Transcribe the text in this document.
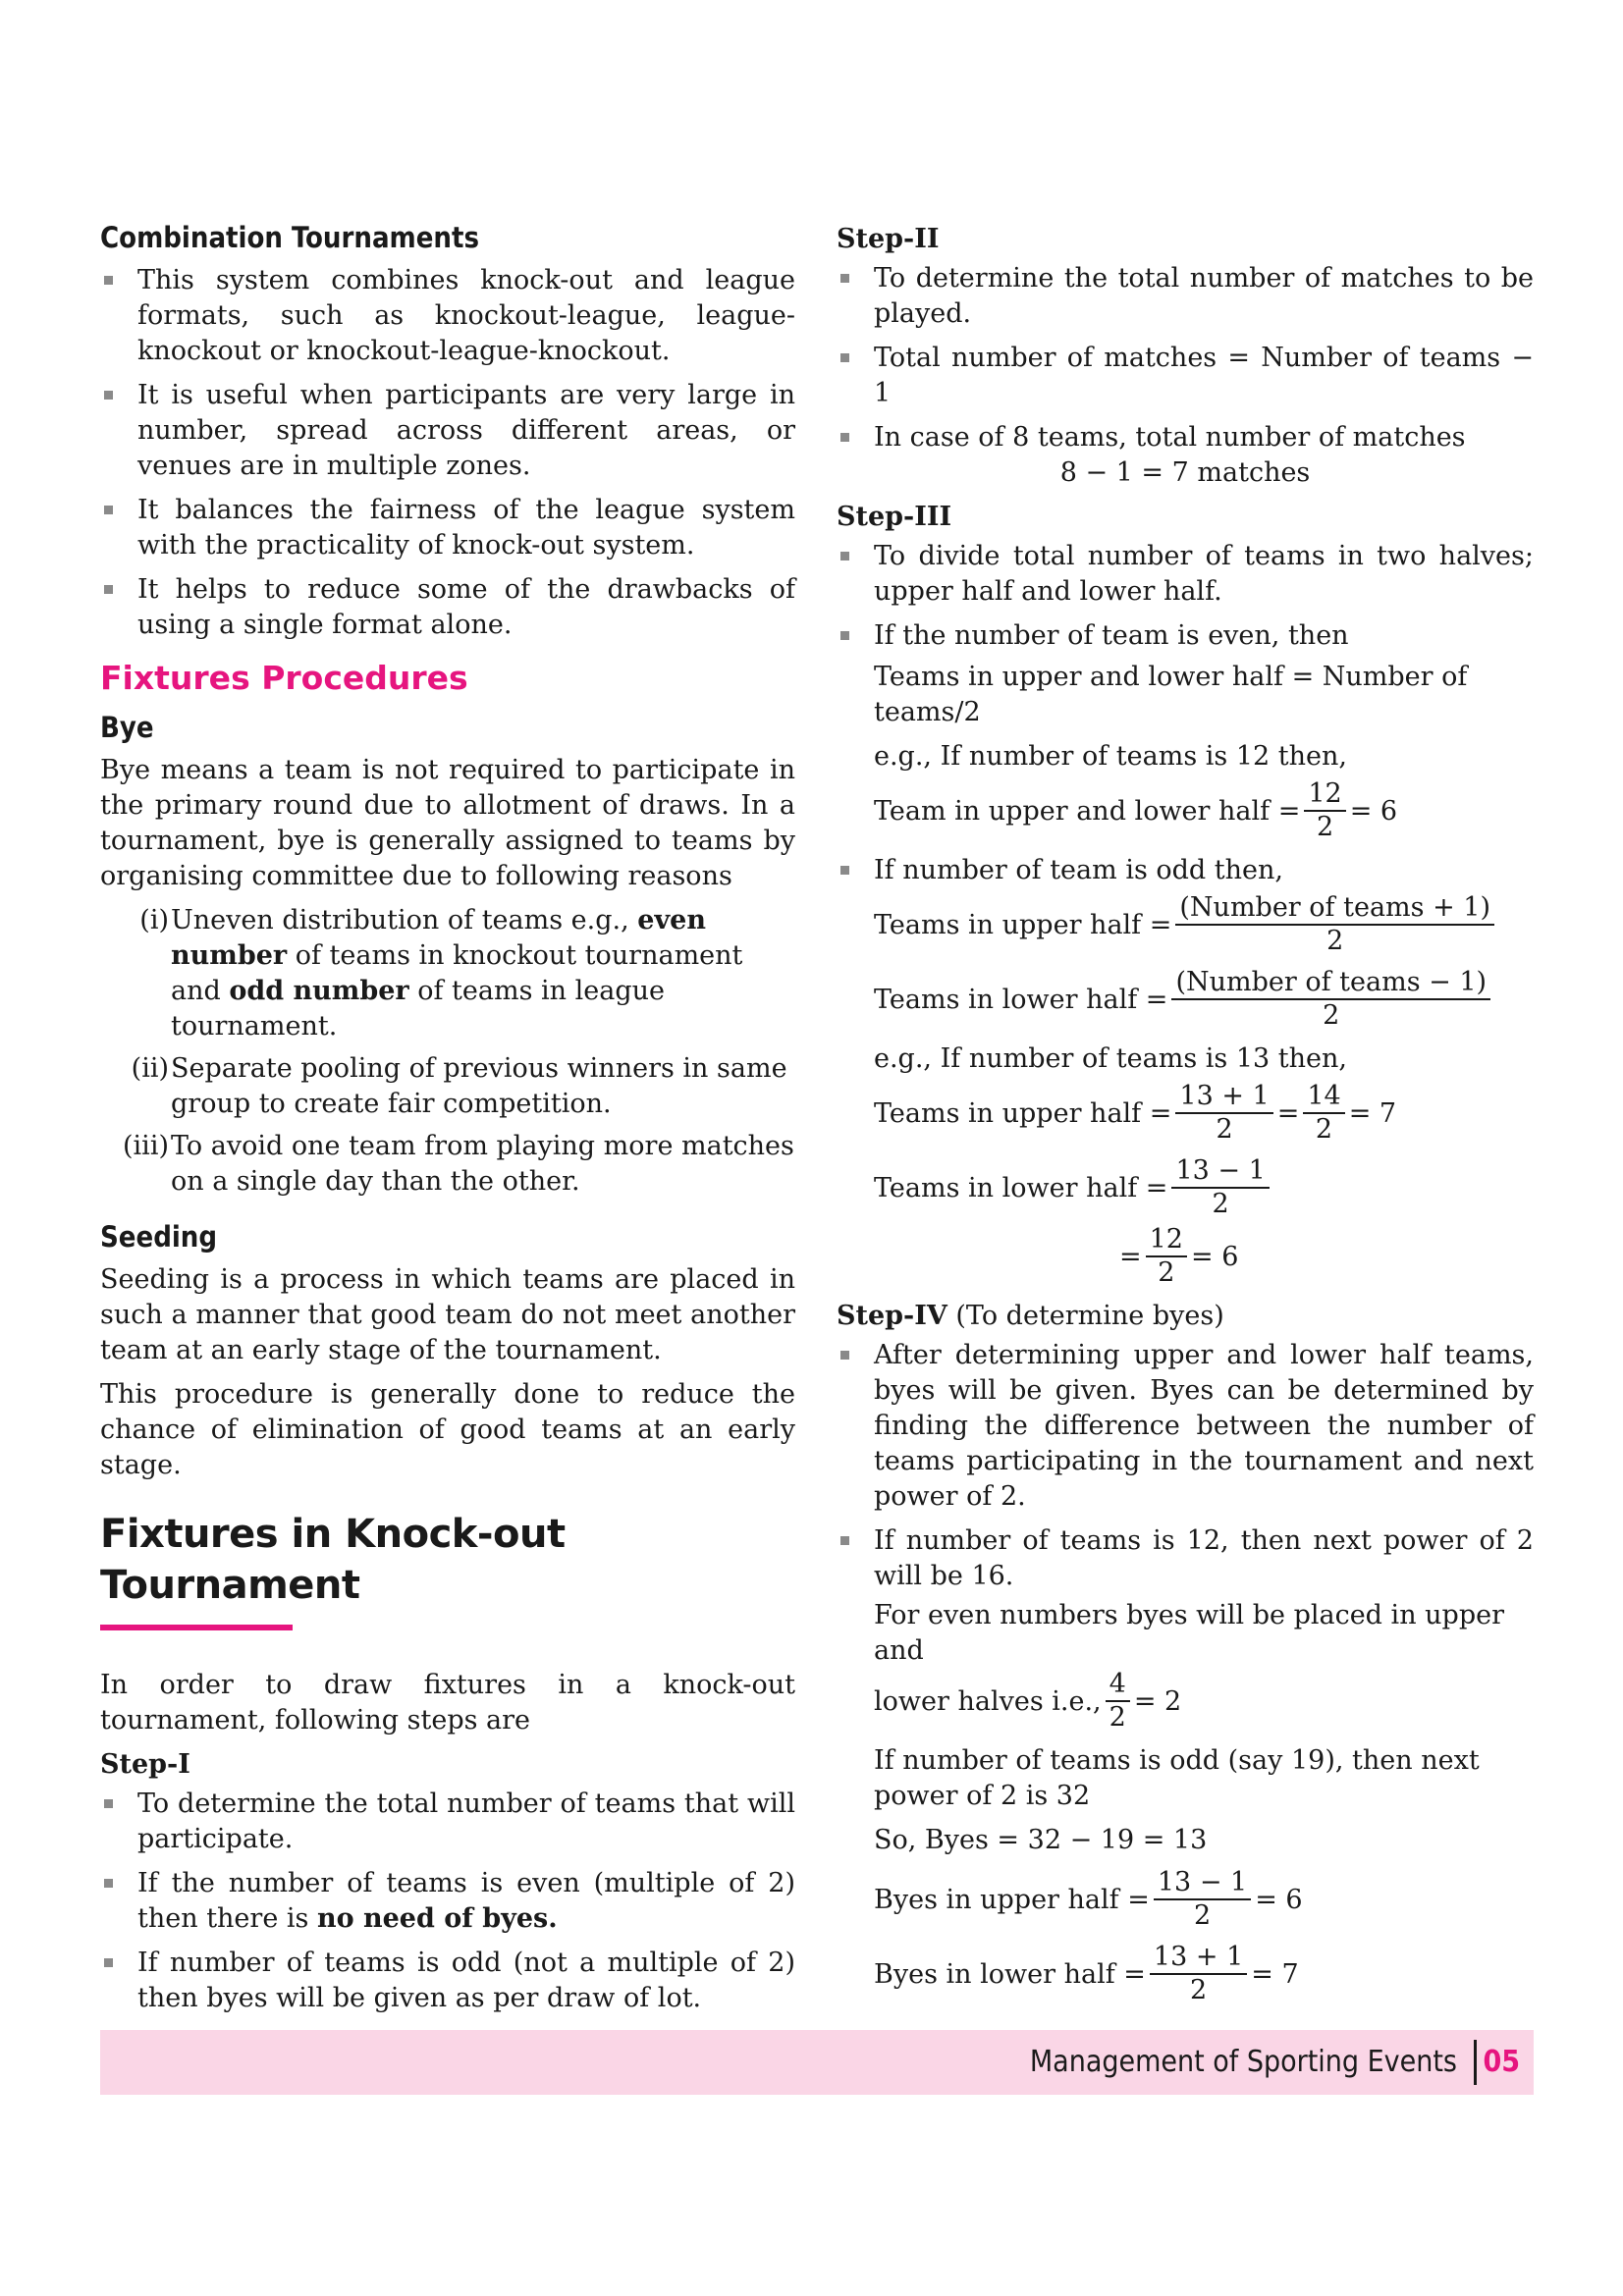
Combination Tournaments
This system combines knock-out and league formats, such as knockout-league, league-knockout or knockout-league-knockout.
It is useful when participants are very large in number, spread across different areas, or venues are in multiple zones.
It balances the fairness of the league system with the practicality of knock-out system.
It helps to reduce some of the drawbacks of using a single format alone.
Fixtures Procedures
Bye

Bye means a team is not required to participate in the primary round due to allotment of draws. In a tournament, bye is generally assigned to teams by organising committee due to following reasons

(i) Uneven distribution of teams e.g., even number of teams in knockout tournament and odd number of teams in league tournament.
(ii) Separate pooling of previous winners in same group to create fair competition.
(iii) To avoid one team from playing more matches on a single day than the other.
Seeding

Seeding is a process in which teams are placed in such a manner that good team do not meet another team at an early stage of the tournament.

This procedure is generally done to reduce the chance of elimination of good teams at an early stage.

Fixtures in Knock-out
Tournament

In order to draw fixtures in a knock-out tournament, following steps are

Step-I
To determine the total number of teams that will participate.
If the number of teams is even (multiple of 2) then there is no need of byes.
If number of teams is odd (not a multiple of 2) then byes will be given as per draw of lot.
Step-II
To determine the total number of matches to be played.
Total number of matches = Number of teams − 1
In case of 8 teams, total number of matches
8 − 1 = 7 matches
Step-III
To divide total number of teams in two halves; upper half and lower half.
If the number of team is even, then
Teams in upper and lower half = Number of teams/2
e.g., If number of teams is 12 then,
Team in upper and lower half = $\frac{12}{2} = 6$
If number of team is odd then,
Teams in upper half = $\frac{\text{(Number of teams + 1)}}{2}$
Teams in lower half = $\frac{\text{(Number of teams − 1)}}{2}$
e.g., If number of teams is 13 then,
Teams in upper half = $\frac{13 + 1}{2} = \frac{14}{2} = 7$
Teams in lower half = $\frac{13 - 1}{2}$
= $\frac{12}{2} = 6$
Step-IV (To determine byes)
After determining upper and lower half teams, byes will be given. Byes can be determined by finding the difference between the number of teams participating in the tournament and next power of 2.
If number of teams is 12, then next power of 2 will be 16.
For even numbers byes will be placed in upper and
lower halves i.e., $\frac{4}{2} = 2$
If number of teams is odd (say 19), then next power of 2 is 32
So, Byes = 32 − 19 = 13
Byes in upper half = $\frac{13 - 1}{2} = 6$
Byes in lower half = $\frac{13 + 1}{2} = 7$
Management of Sporting Events 05
